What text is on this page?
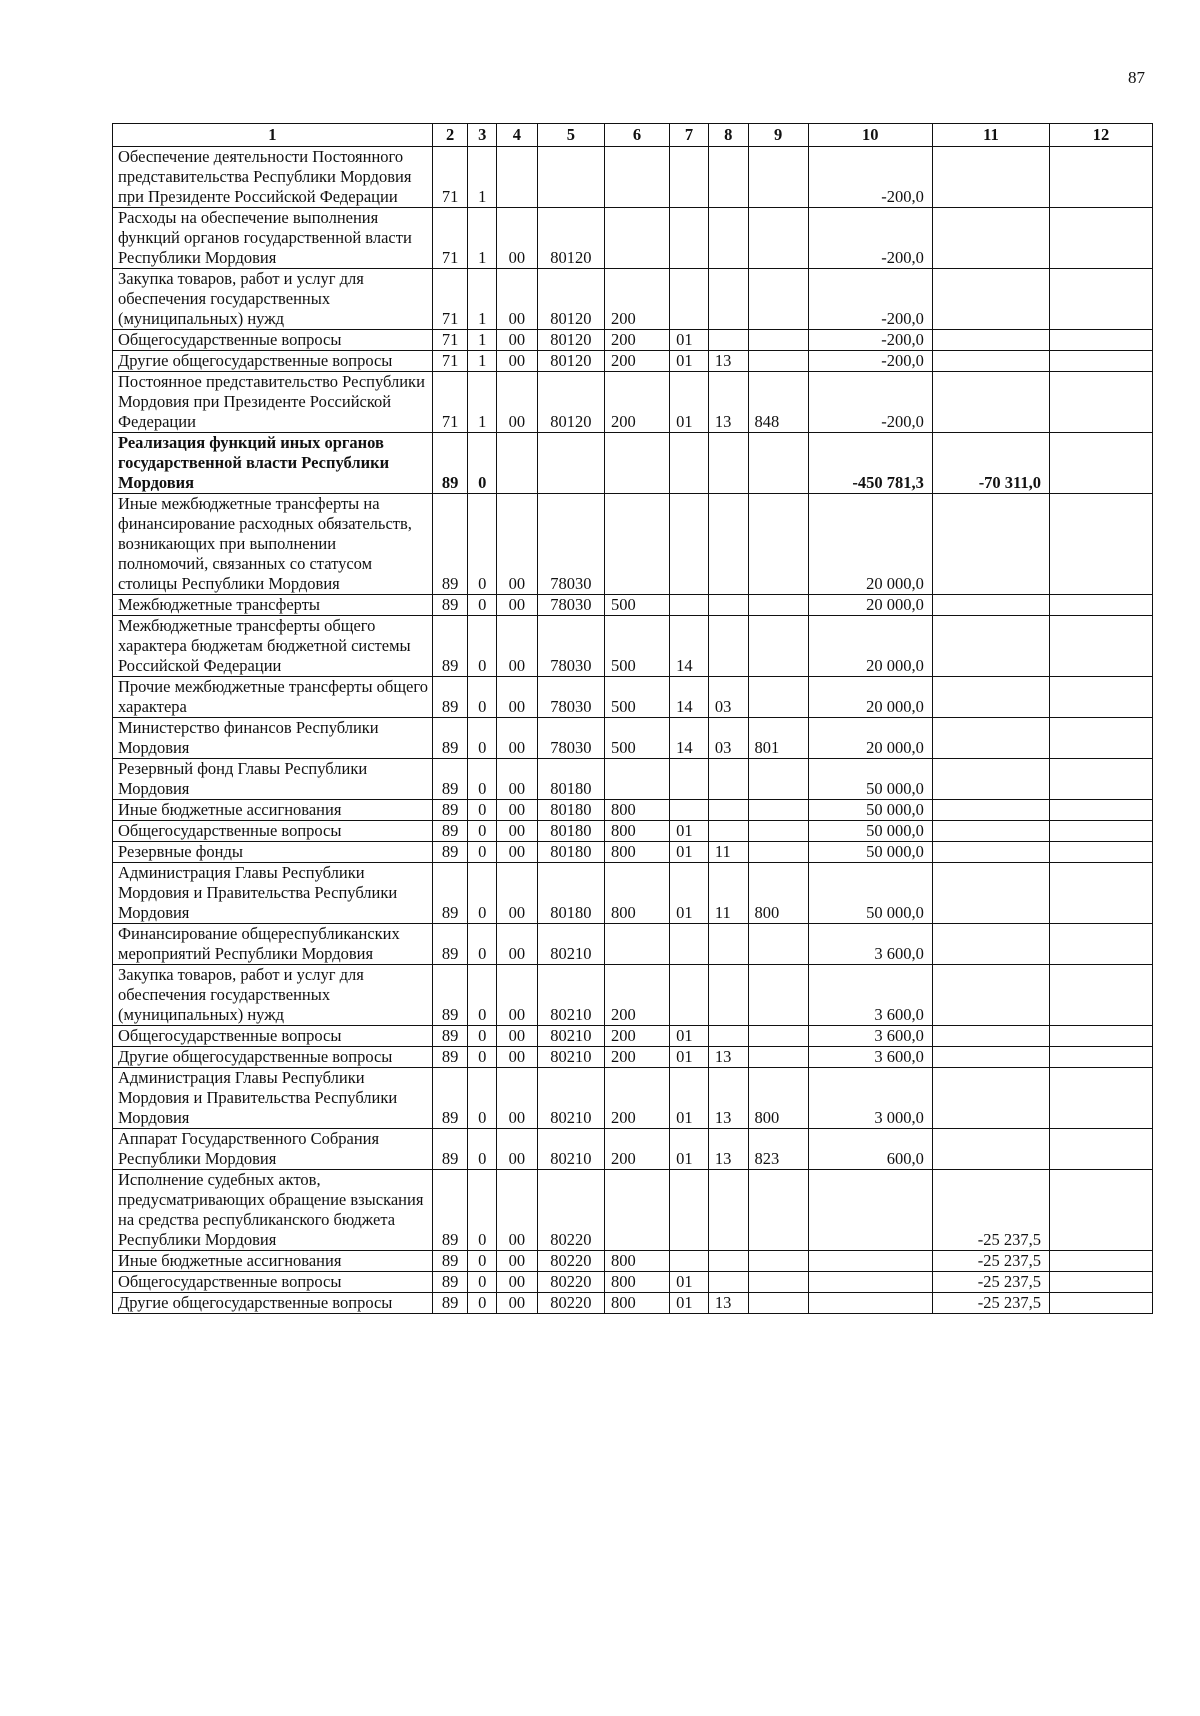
87
1	2	3	4	5	6	7	8	9	10	11	12
Обеспечение деятельности Постоянного представительства Республики Мордовия при Президенте Российской Федерации	71	1							-200,0		
Расходы на обеспечение выполнения функций органов государственной власти Республики Мордовия	71	1	00	80120					-200,0		
Закупка товаров, работ и услуг для обеспечения государственных (муниципальных) нужд	71	1	00	80120	200				-200,0		
Общегосударственные вопросы	71	1	00	80120	200	01			-200,0		
Другие общегосударственные вопросы	71	1	00	80120	200	01	13		-200,0		
Постоянное представительство Республики Мордовия при Президенте Российской Федерации	71	1	00	80120	200	01	13	848	-200,0		
Реализация функций иных органов государственной власти Республики Мордовия	89	0							-450 781,3	-70 311,0	
Иные межбюджетные трансферты на финансирование расходных обязательств, возникающих при выполнении полномочий, связанных со статусом столицы Республики Мордовия	89	0	00	78030					20 000,0		
Межбюджетные трансферты	89	0	00	78030	500				20 000,0		
Межбюджетные трансферты общего характера бюджетам бюджетной системы Российской Федерации	89	0	00	78030	500	14			20 000,0		
Прочие межбюджетные трансферты общего характера	89	0	00	78030	500	14	03		20 000,0		
Министерство финансов Республики Мордовия	89	0	00	78030	500	14	03	801	20 000,0		
Резервный фонд Главы Республики Мордовия	89	0	00	80180					50 000,0		
Иные бюджетные ассигнования	89	0	00	80180	800				50 000,0		
Общегосударственные вопросы	89	0	00	80180	800	01			50 000,0		
Резервные фонды	89	0	00	80180	800	01	11		50 000,0		
Администрация Главы Республики Мордовия и Правительства Республики Мордовия	89	0	00	80180	800	01	11	800	50 000,0		
Финансирование общереспубликанских мероприятий Республики Мордовия	89	0	00	80210					3 600,0		
Закупка товаров, работ и услуг для обеспечения государственных (муниципальных) нужд	89	0	00	80210	200				3 600,0		
Общегосударственные вопросы	89	0	00	80210	200	01			3 600,0		
Другие общегосударственные вопросы	89	0	00	80210	200	01	13		3 600,0		
Администрация Главы Республики Мордовия и Правительства Республики Мордовия	89	0	00	80210	200	01	13	800	3 000,0		
Аппарат Государственного Собрания Республики Мордовия	89	0	00	80210	200	01	13	823	600,0		
Исполнение судебных актов, предусматривающих обращение взыскания на средства республиканского бюджета Республики Мордовия	89	0	00	80220						-25 237,5	
Иные бюджетные ассигнования	89	0	00	80220	800					-25 237,5	
Общегосударственные вопросы	89	0	00	80220	800	01				-25 237,5	
Другие общегосударственные вопросы	89	0	00	80220	800	01	13			-25 237,5	
